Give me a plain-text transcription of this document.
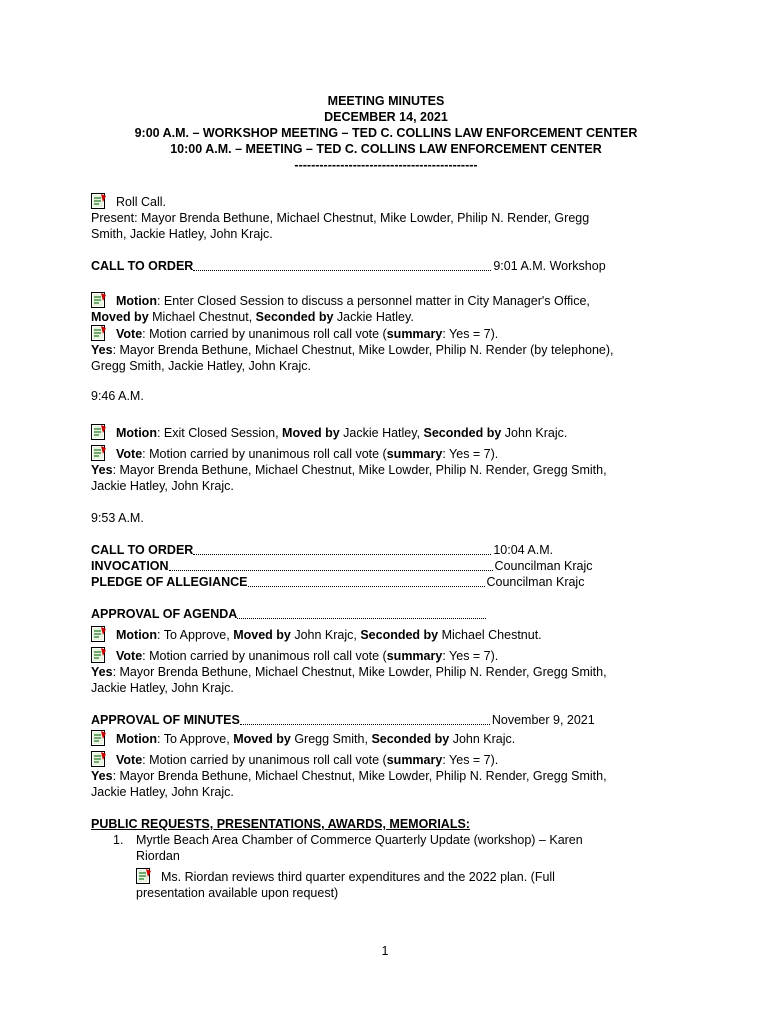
MEETING MINUTES
DECEMBER 14, 2021
9:00 A.M. – WORKSHOP MEETING – TED C. COLLINS LAW ENFORCEMENT CENTER
10:00 A.M. – MEETING – TED C. COLLINS LAW ENFORCEMENT CENTER
--------------------------------------------
Roll Call.
Present: Mayor Brenda Bethune, Michael Chestnut, Mike Lowder, Philip N. Render, Gregg
Smith, Jackie Hatley, John Krajc.
CALL TO ORDER	9:01 A.M. Workshop
Motion: Enter Closed Session to discuss a personnel matter in City Manager's Office,
Moved by Michael Chestnut, Seconded by Jackie Hatley.
Vote: Motion carried by unanimous roll call vote (summary: Yes = 7).
Yes: Mayor Brenda Bethune, Michael Chestnut, Mike Lowder, Philip N. Render (by telephone),
Gregg Smith, Jackie Hatley, John Krajc.
9:46 A.M.
Motion: Exit Closed Session, Moved by Jackie Hatley, Seconded by John Krajc.
Vote: Motion carried by unanimous roll call vote (summary: Yes = 7).
Yes: Mayor Brenda Bethune, Michael Chestnut, Mike Lowder, Philip N. Render, Gregg Smith,
Jackie Hatley, John Krajc.
9:53 A.M.
CALL TO ORDER	10:04 A.M.
INVOCATION	Councilman Krajc
PLEDGE OF ALLEGIANCE	Councilman Krajc
APPROVAL OF AGENDA
Motion: To Approve, Moved by John Krajc, Seconded by Michael Chestnut.
Vote: Motion carried by unanimous roll call vote (summary: Yes = 7).
Yes: Mayor Brenda Bethune, Michael Chestnut, Mike Lowder, Philip N. Render, Gregg Smith,
Jackie Hatley, John Krajc.
APPROVAL OF MINUTES	November 9, 2021
Motion: To Approve, Moved by Gregg Smith, Seconded by John Krajc.
Vote: Motion carried by unanimous roll call vote (summary: Yes = 7).
Yes: Mayor Brenda Bethune, Michael Chestnut, Mike Lowder, Philip N. Render, Gregg Smith,
Jackie Hatley, John Krajc.
PUBLIC REQUESTS, PRESENTATIONS, AWARDS, MEMORIALS:
1. Myrtle Beach Area Chamber of Commerce Quarterly Update (workshop) – Karen
Riordan
Ms. Riordan reviews third quarter expenditures and the 2022 plan. (Full
presentation available upon request)
1
